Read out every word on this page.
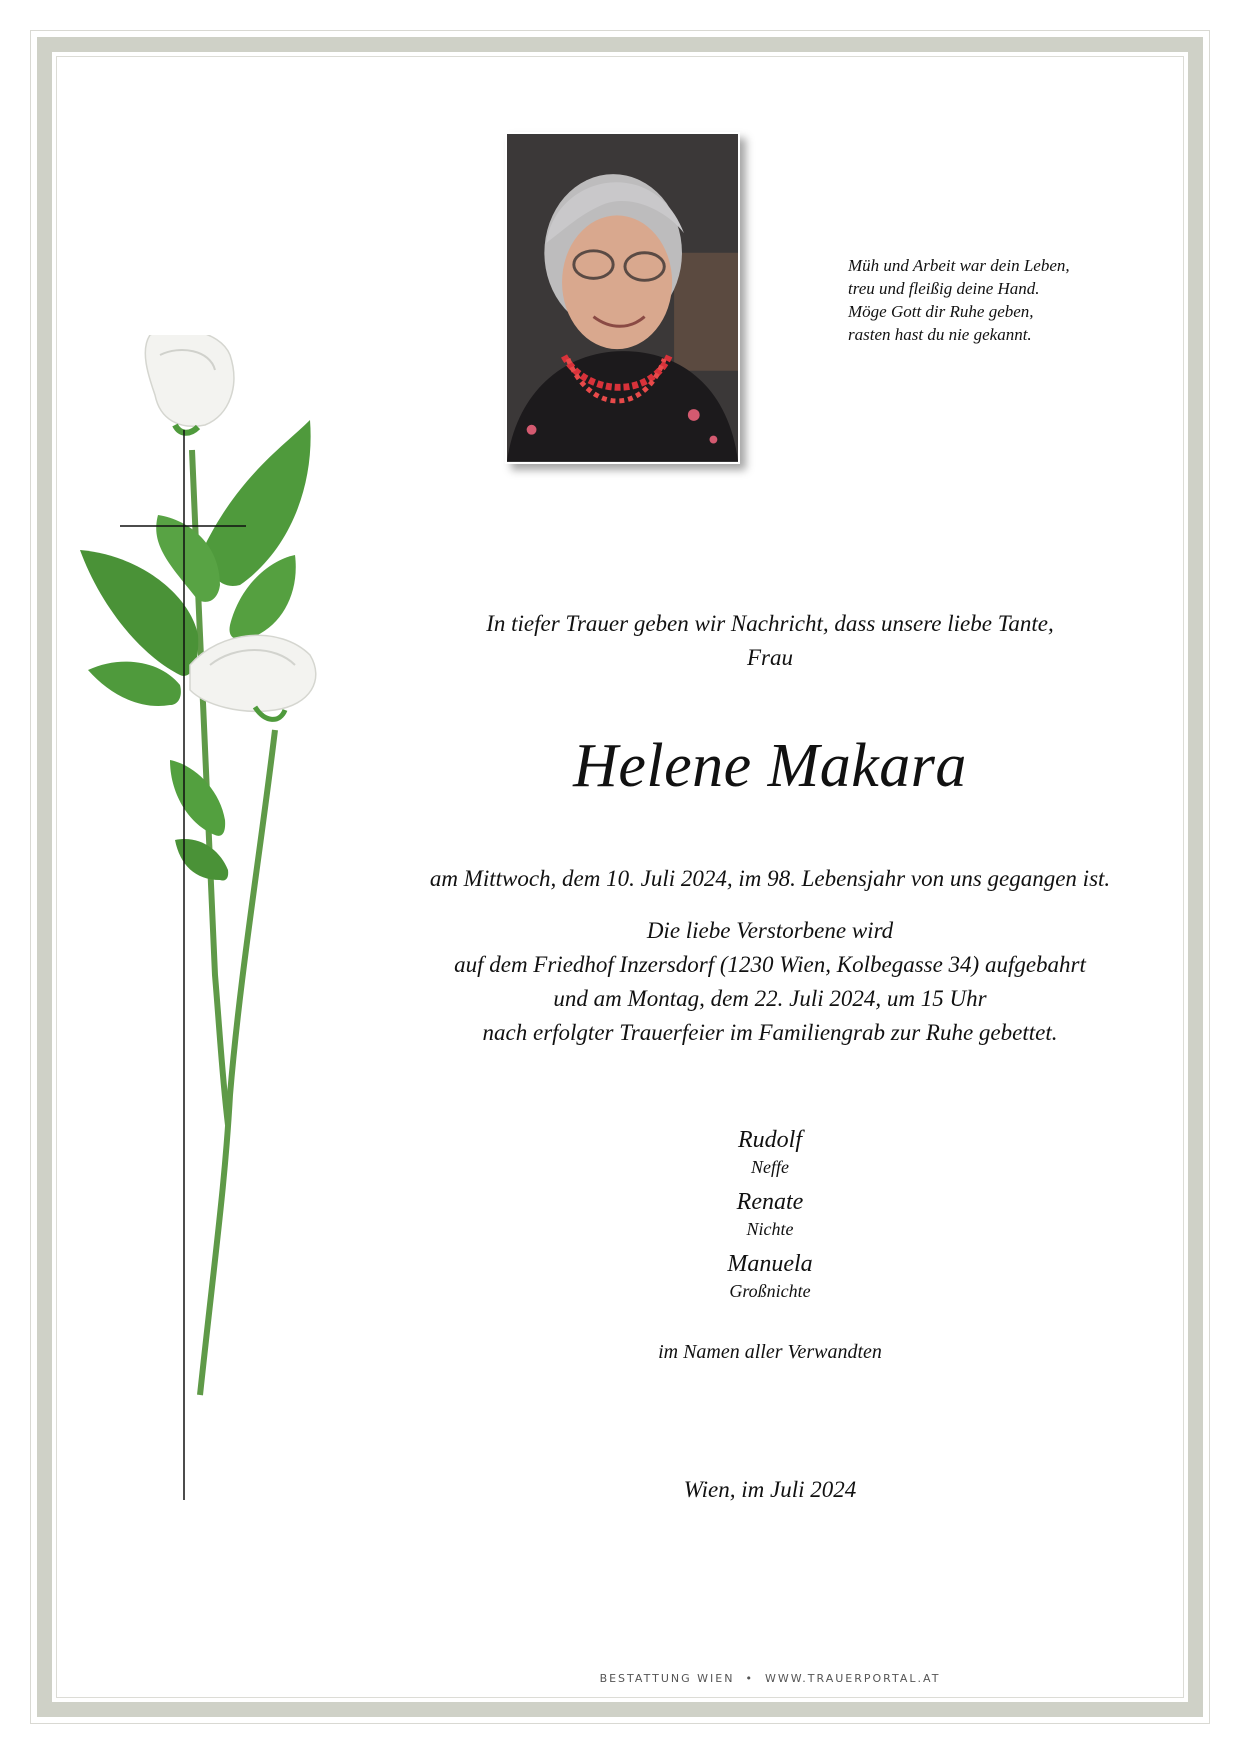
Müh und Arbeit war dein Leben,
treu und fleißig deine Hand.
Möge Gott dir Ruhe geben,
rasten hast du nie gekannt.
In tiefer Trauer geben wir Nachricht, dass unsere liebe Tante,
Frau
Helene Makara
am Mittwoch, dem 10. Juli 2024, im 98. Lebensjahr von uns gegangen ist.
Die liebe Verstorbene wird
auf dem Friedhof Inzersdorf (1230 Wien, Kolbegasse 34) aufgebahrt
und am Montag, dem 22. Juli 2024, um 15 Uhr
nach erfolgter Trauerfeier im Familiengrab zur Ruhe gebettet.
Rudolf
Neffe
Renate
Nichte
Manuela
Großnichte
im Namen aller Verwandten
Wien, im Juli 2024
BESTATTUNG WIEN • WWW.TRAUERPORTAL.AT
